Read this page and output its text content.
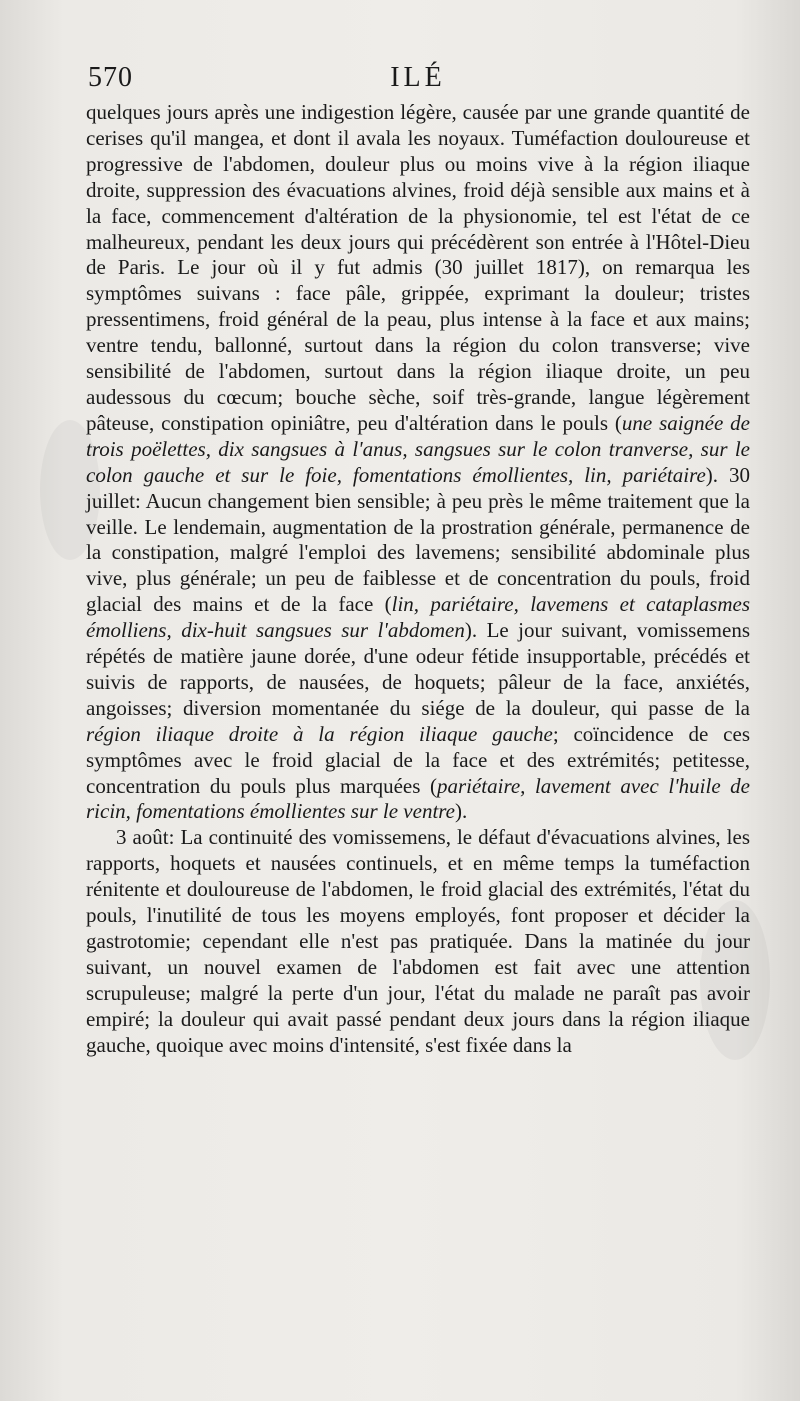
570	ILÉ

quelques jours après une indigestion légère, causée par une grande quantité de cerises qu'il mangea, et dont il avala les noyaux. Tuméfaction douloureuse et progressive de l'abdomen, douleur plus ou moins vive à la région iliaque droite, suppression des évacuations alvines, froid déjà sensible aux mains et à la face, commencement d'altération de la physionomie, tel est l'état de ce malheureux, pendant les deux jours qui précédèrent son entrée à l'Hôtel-Dieu de Paris. Le jour où il y fut admis (30 juillet 1817), on remarqua les symptômes suivans : face pâle, grippée, exprimant la douleur; tristes pressentimens, froid général de la peau, plus intense à la face et aux mains; ventre tendu, ballonné, surtout dans la région du colon transverse; vive sensibilité de l'abdomen, surtout dans la région iliaque droite, un peu audessous du cœcum; bouche sèche, soif très-grande, langue légèrement pâteuse, constipation opiniâtre, peu d'altération dans le pouls (une saignée de trois poëlettes, dix sangsues à l'anus, sangsues sur le colon tranverse, sur le colon gauche et sur le foie, fomentations émollientes, lin, pariétaire). 30 juillet: Aucun changement bien sensible; à peu près le même traitement que la veille. Le lendemain, augmentation de la prostration générale, permanence de la constipation, malgré l'emploi des lavemens; sensibilité abdominale plus vive, plus générale; un peu de faiblesse et de concentration du pouls, froid glacial des mains et de la face (lin, pariétaire, lavemens et cataplasmes émolliens, dix-huit sangsues sur l'abdomen). Le jour suivant, vomissemens répétés de matière jaune dorée, d'une odeur fétide insupportable, précédés et suivis de rapports, de nausées, de hoquets; pâleur de la face, anxiétés, angoisses; diversion momentanée du siége de la douleur, qui passe de la région iliaque droite à la région iliaque gauche; coïncidence de ces symptômes avec le froid glacial de la face et des extrémités; petitesse, concentration du pouls plus marquées (pariétaire, lavement avec l'huile de ricin, fomentations émollientes sur le ventre).

3 août: La continuité des vomissemens, le défaut d'évacuations alvines, les rapports, hoquets et nausées continuels, et en même temps la tuméfaction rénitente et douloureuse de l'abdomen, le froid glacial des extrémités, l'état du pouls, l'inutilité de tous les moyens employés, font proposer et décider la gastrotomie; cependant elle n'est pas pratiquée. Dans la matinée du jour suivant, un nouvel examen de l'abdomen est fait avec une attention scrupuleuse; malgré la perte d'un jour, l'état du malade ne paraît pas avoir empiré; la douleur qui avait passé pendant deux jours dans la région iliaque gauche, quoique avec moins d'intensité, s'est fixée dans la
